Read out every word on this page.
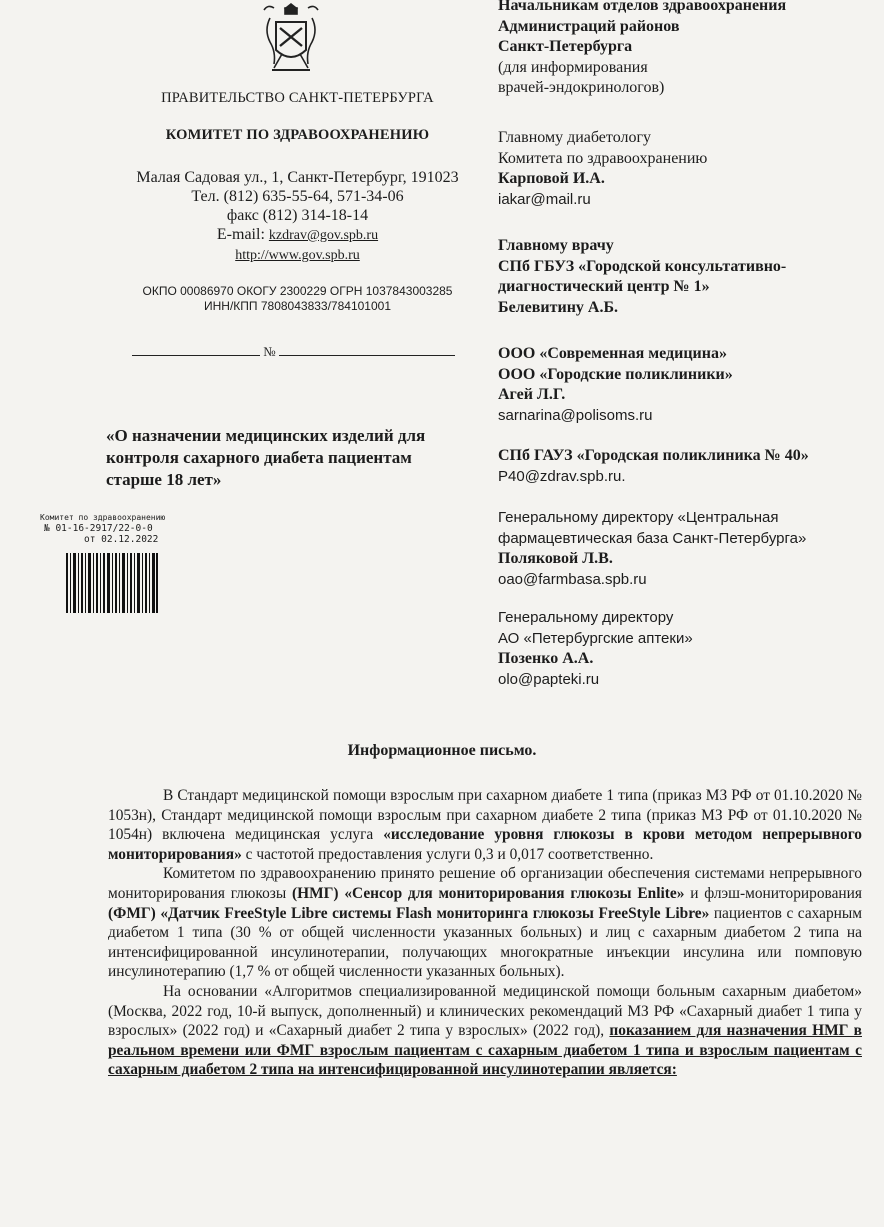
ПРАВИТЕЛЬСТВО САНКТ-ПЕТЕРБУРГА
КОМИТЕТ ПО ЗДРАВООХРАНЕНИЮ
Малая Садовая ул., 1, Санкт-Петербург, 191023
Тел. (812) 635-55-64, 571-34-06
факс (812) 314-18-14
E-mail: kzdrav@gov.spb.ru
http://www.gov.spb.ru
ОКПО 00086970 ОКОГУ 2300229 ОГРН 1037843003285
ИНН/КПП 7808043833/784101001
№
«О назначении медицинских изделий для контроля сахарного диабета пациентам старше 18 лет»
Комитет по здравоохранению
№ 01-16-2917/22-0-0
от 02.12.2022
Начальникам отделов здравоохранения
Администраций районов
Санкт-Петербурга
(для информирования
врачей-эндокринологов)
Главному диабетологу
Комитета по здравоохранению
Карповой И.А.
iakar@mail.ru
Главному врачу
СПб ГБУЗ «Городской консультативно-
диагностический центр № 1»
Белевитину А.Б.
ООО «Современная медицина»
ООО «Городские поликлиники»
Агей Л.Г.
sarnarina@polisoms.ru
СПб ГАУЗ «Городская поликлиника № 40»
P40@zdrav.spb.ru.
Генеральному директору «Центральная
фармацевтическая база Санкт-Петербурга»
Поляковой Л.В.
oao@farmbasa.spb.ru
Генеральному директору
АО «Петербургские аптеки»
Позенко А.А.
olo@papteki.ru
Информационное письмо.

В Стандарт медицинской помощи взрослым при сахарном диабете 1 типа (приказ МЗ РФ от 01.10.2020 № 1053н), Стандарт медицинской помощи взрослым при сахарном диабете 2 типа (приказ МЗ РФ от 01.10.2020 № 1054н) включена медицинская услуга «исследование уровня глюкозы в крови методом непрерывного мониторирования» с частотой предоставления услуги 0,3 и 0,017 соответственно.

Комитетом по здравоохранению принято решение об организации обеспечения системами непрерывного мониторирования глюкозы (НМГ) «Сенсор для мониторирования глюкозы Enlite» и флэш-мониторирования (ФМГ) «Датчик FreeStyle Libre системы Flash мониторинга глюкозы FreeStyle Libre» пациентов с сахарным диабетом 1 типа (30 % от общей численности указанных больных) и лиц с сахарным диабетом 2 типа на интенсифицированной инсулинотерапии, получающих многократные инъекции инсулина или помповую инсулинотерапию (1,7 % от общей численности указанных больных).

На основании «Алгоритмов специализированной медицинской помощи больным сахарным диабетом» (Москва, 2022 год, 10-й выпуск, дополненный) и клинических рекомендаций МЗ РФ «Сахарный диабет 1 типа у взрослых» (2022 год) и «Сахарный диабет 2 типа у взрослых» (2022 год), показанием для назначения НМГ в реальном времени или ФМГ взрослым пациентам с сахарным диабетом 1 типа и взрослым пациентам с сахарным диабетом 2 типа на интенсифицированной инсулинотерапии является:
